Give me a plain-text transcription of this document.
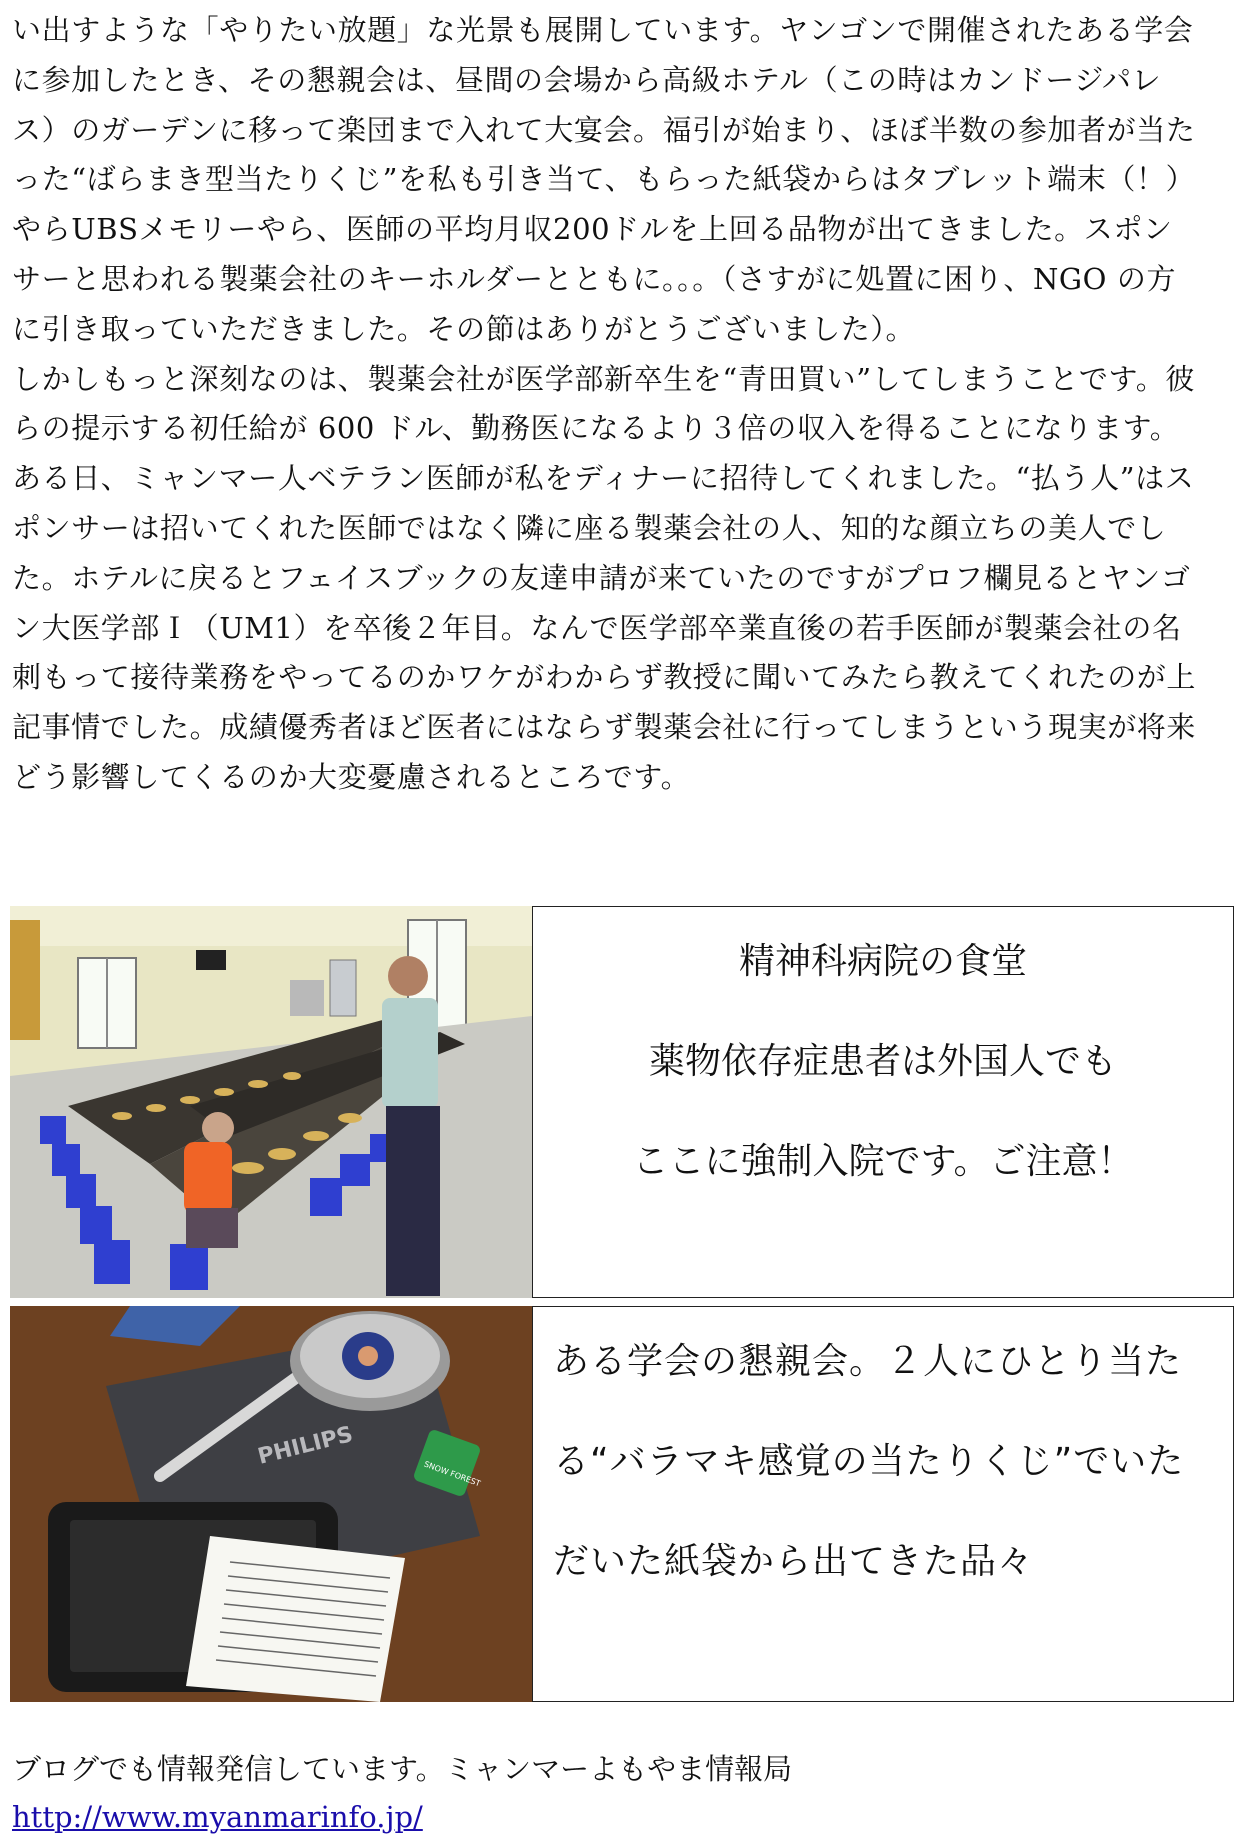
い出すような「やりたい放題」な光景も展開しています。ヤンゴンで開催されたある学会に参加したとき、その懇親会は、昼間の会場から高級ホテル（この時はカンドージパレス）のガーデンに移って楽団まで入れて大宴会。福引が始まり、ほぼ半数の参加者が当たった“ばらまき型当たりくじ”を私も引き当て、もらった紙袋からはタブレット端末（！）やらUBSメモリーやら、医師の平均月収200ドルを上回る品物が出てきました。スポンサーと思われる製薬会社のキーホルダーとともに。。。（さすがに処置に困り、NGO の方に引き取っていただきました。その節はありがとうございました）。

しかしもっと深刻なのは、製薬会社が医学部新卒生を“青田買い”してしまうことです。彼らの提示する初任給が 600 ドル、勤務医になるより３倍の収入を得ることになります。ある日、ミャンマー人ベテラン医師が私をディナーに招待してくれました。“払う人”はスポンサーは招いてくれた医師ではなく隣に座る製薬会社の人、知的な顔立ちの美人でした。ホテルに戻るとフェイスブックの友達申請が来ていたのですがプロフ欄見るとヤンゴン大医学部Ｉ（UM1）を卒後２年目。なんで医学部卒業直後の若手医師が製薬会社の名刺もって接待業務をやってるのかワケがわからず教授に聞いてみたら教えてくれたのが上記事情でした。成績優秀者ほど医者にはならず製薬会社に行ってしまうという現実が将来どう影響してくるのか大変憂慮されるところです。

精神科病院の食堂
薬物依存症患者は外国人でも
ここに強制入院です。ご注意！
PHILIPS
SNOW FOREST
ある学会の懇親会。２人にひとり当た
る“バラマキ感覚の当たりくじ”でいた
だいた紙袋から出てきた品々
ブログでも情報発信しています。ミャンマーよもやま情報局
http://www.myanmarinfo.jp/
